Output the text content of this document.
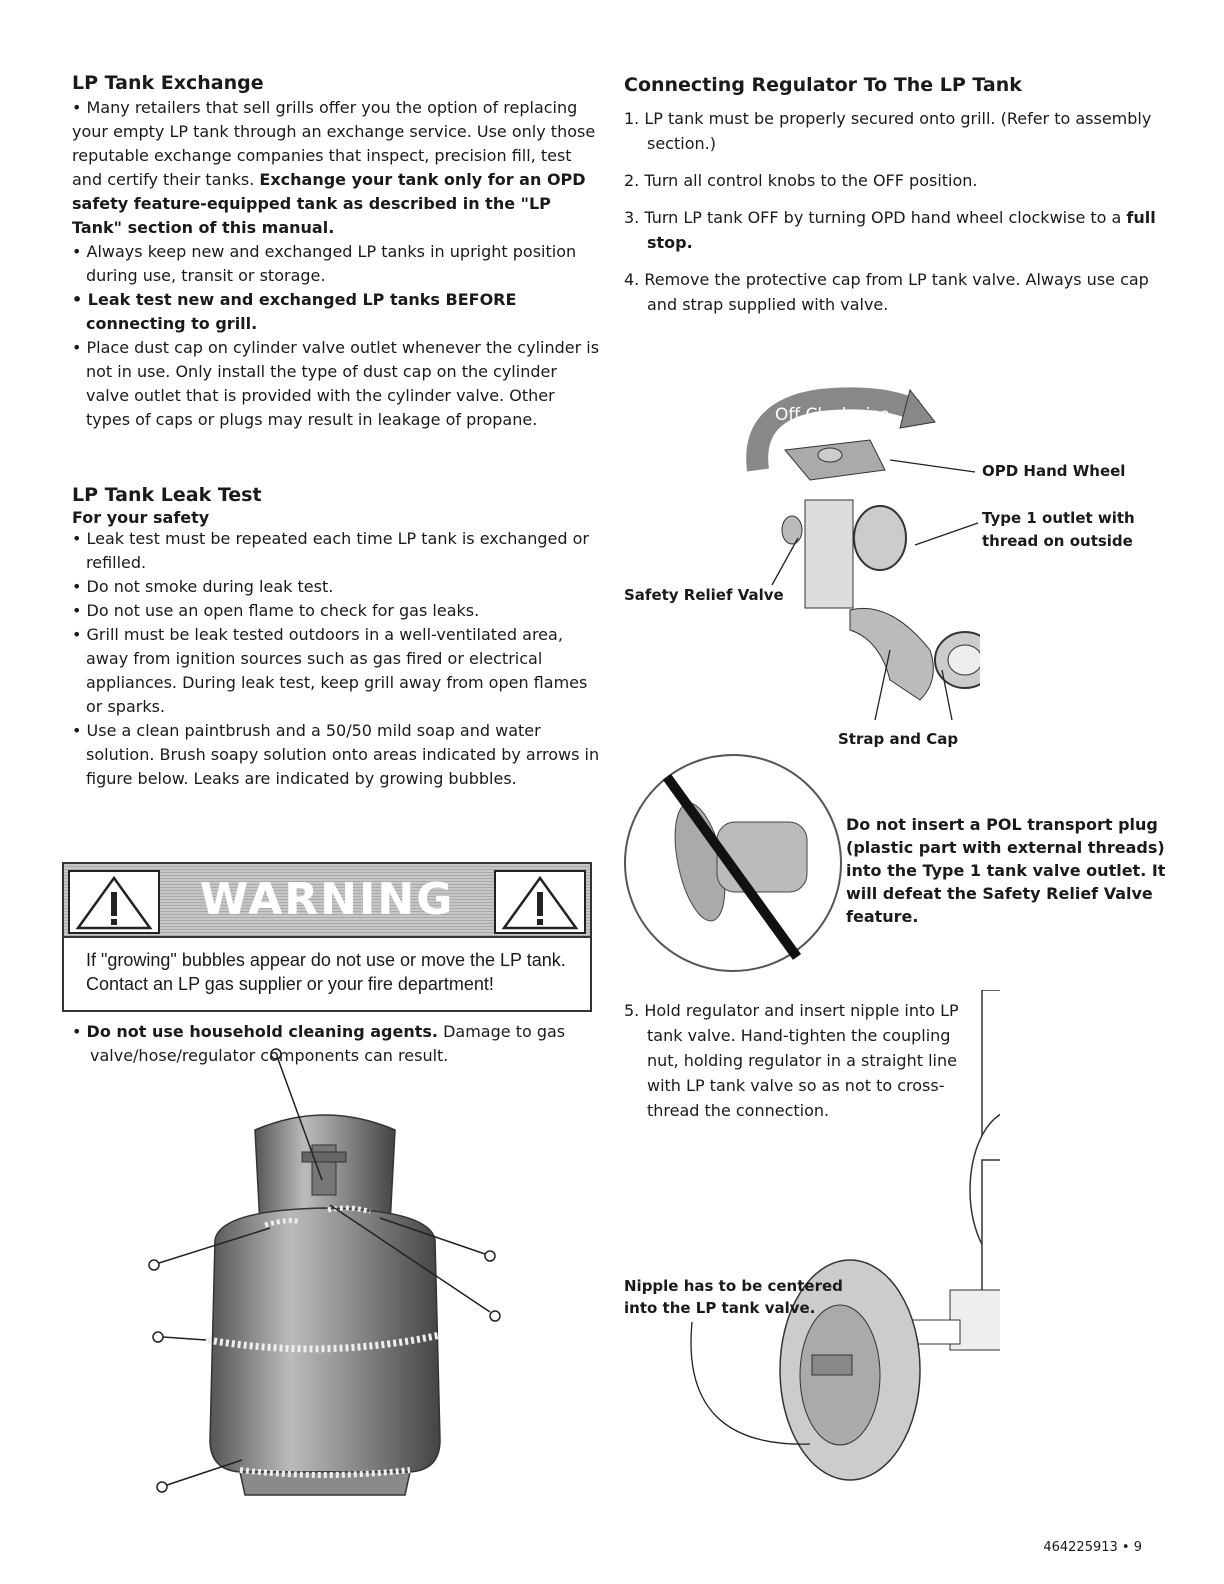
LP Tank Exchange

• Many retailers that sell grills offer you the option of replacing your empty LP tank through an exchange service. Use only those reputable exchange companies that inspect, precision fill, test and certify their tanks. Exchange your tank only for an OPD safety feature-equipped tank as described in the "LP Tank" section of this manual.

• Always keep new and exchanged LP tanks in upright position during use, transit or storage.
• Leak test new and exchanged LP tanks BEFORE connecting to grill.
• Place dust cap on cylinder valve outlet whenever the cylinder is not in use. Only install the type of dust cap on the cylinder valve outlet that is provided with the cylinder valve. Other types of caps or plugs may result in leakage of propane.
LP Tank Leak Test
For your safety
• Leak test must be repeated each time LP tank is exchanged or refilled.
• Do not smoke during leak test.
• Do not use an open flame to check for gas leaks.
• Grill must be leak tested outdoors in a well-ventilated area, away from ignition sources such as gas fired or electrical appliances. During leak test, keep grill away from open flames or sparks.
• Use a clean paintbrush and a 50/50 mild soap and water solution. Brush soapy solution onto areas indicated by arrows in figure below. Leaks are indicated by growing bubbles.
WARNING
If "growing" bubbles appear do not use or move the LP tank. Contact an LP gas supplier or your fire department!

• Do not use household cleaning agents. Damage to gas valve/hose/regulator components can result.

Connecting Regulator To The LP Tank
1. LP tank must be properly secured onto grill. (Refer to assembly section.)
2. Turn all control knobs to the OFF position.
3. Turn LP tank OFF by turning OPD hand wheel clockwise to a full stop.
4. Remove the protective cap from LP tank valve. Always use cap and strap supplied with valve.
Off Clockwise
OPD Hand Wheel
Type 1 outlet with thread on outside
Safety Relief Valve
Strap and Cap
Do not insert a POL transport plug (plastic part with external threads) into the Type 1 tank valve outlet. It will defeat the Safety Relief Valve feature.
5. Hold regulator and insert nipple into LP tank valve. Hand-tighten the coupling nut, holding regulator in a straight line with LP tank valve so as not to cross-thread the connection.
Nipple has to be centered into the LP tank valve.
464225913 • 9
